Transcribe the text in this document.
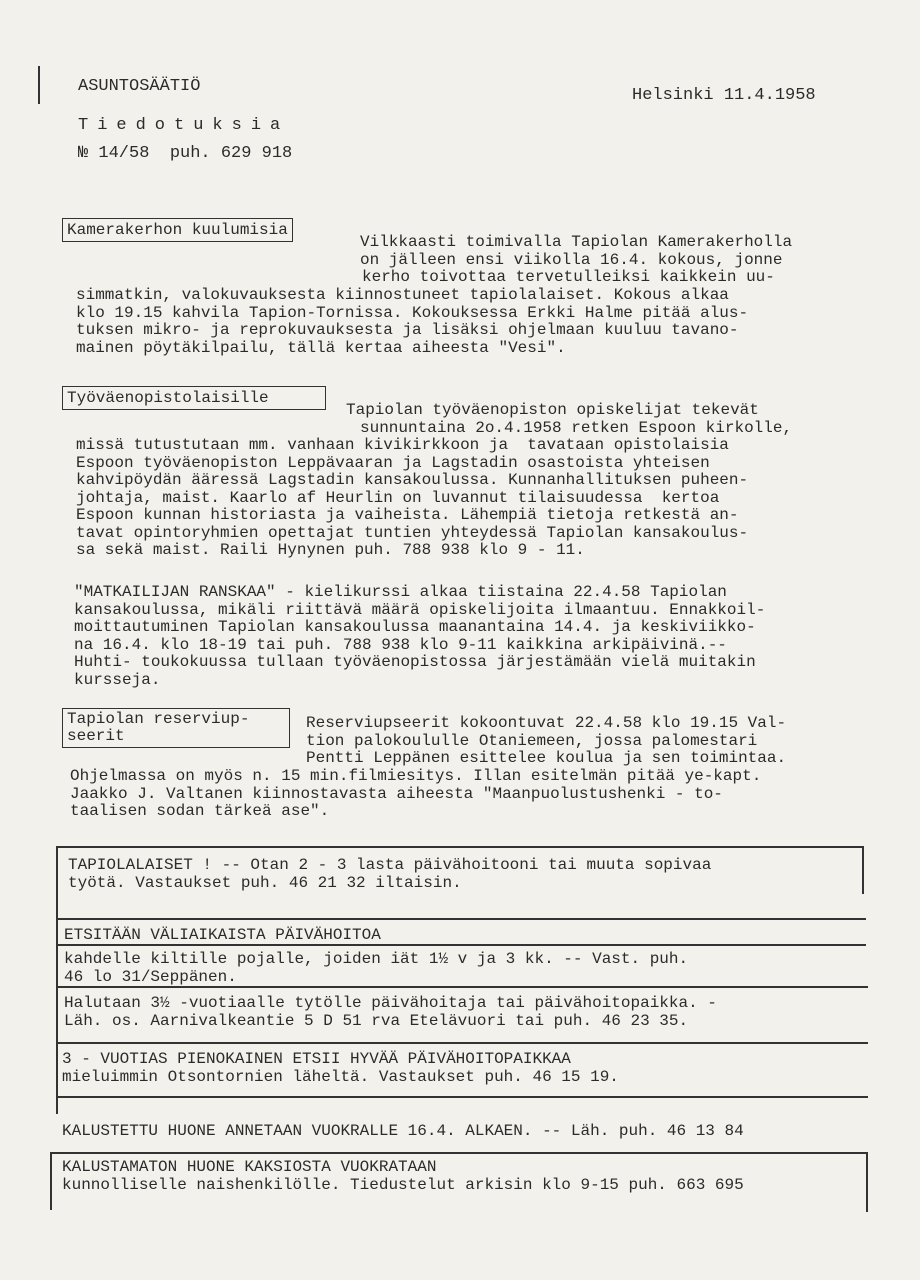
ASUNTOSÄÄTIÖ
Tiedotuksia
№ 14/58  puh. 629 918
Helsinki 11.4.1958
Kamerakerhon kuulumisia

Vilkkaasti toimivalla Tapiolan Kamerakerholla

on jälleen ensi viikolla 16.4. kokous, jonne

kerho toivottaa tervetulleiksi kaikkein uu-

simmatkin, valokuvauksesta kiinnostuneet tapiolalaiset. Kokous alkaa

klo 19.15 kahvila Tapion-Tornissa. Kokouksessa Erkki Halme pitää alus-

tuksen mikro- ja reprokuvauksesta ja lisäksi ohjelmaan kuuluu tavano-

mainen pöytäkilpailu, tällä kertaa aiheesta "Vesi".

Työväenopistolaisille

Tapiolan työväenopiston opiskelijat tekevät

sunnuntaina 2o.4.1958 retken Espoon kirkolle,

missä tutustutaan mm. vanhaan kivikirkkoon ja  tavataan opistolaisia

Espoon työväenopiston Leppävaaran ja Lagstadin osastoista yhteisen

kahvipöydän ääressä Lagstadin kansakoulussa. Kunnanhallituksen puheen-

johtaja, maist. Kaarlo af Heurlin on luvannut tilaisuudessa  kertoa

Espoon kunnan historiasta ja vaiheista. Lähempiä tietoja retkestä an-

tavat opintoryhmien opettajat tuntien yhteydessä Tapiolan kansakoulus-

sa sekä maist. Raili Hynynen puh. 788 938 klo 9 - 11.

"MATKAILIJAN RANSKAA" - kielikurssi alkaa tiistaina 22.4.58 Tapiolan

kansakoulussa, mikäli riittävä määrä opiskelijoita ilmaantuu. Ennakkoil-

moittautuminen Tapiolan kansakoulussa maanantaina 14.4. ja keskiviikko-

na 16.4. klo 18-19 tai puh. 788 938 klo 9-11 kaikkina arkipäivinä.--

Huhti- toukokuussa tullaan työväenopistossa järjestämään vielä muitakin

kursseja.

Tapiolan reserviup-
seerit

Reserviupseerit kokoontuvat 22.4.58 klo 19.15 Val-

tion palokoululle Otaniemeen, jossa palomestari

Pentti Leppänen esittelee koulua ja sen toimintaa.

Ohjelmassa on myös n. 15 min.filmiesitys. Illan esitelmän pitää ye-kapt.

Jaakko J. Valtanen kiinnostavasta aiheesta "Maanpuolustushenki - to-

taalisen sodan tärkeä ase".

TAPIOLALAISET ! -- Otan 2 - 3 lasta päivähoitooni tai muuta sopivaa

työtä. Vastaukset puh. 46 21 32 iltaisin.

ETSITÄÄN VÄLIAIKAISTA PÄIVÄHOITOA

kahdelle kiltille pojalle, joiden iät 1½ v ja 3 kk. -- Vast. puh.

46 lo 31/Seppänen.

Halutaan 3½ -vuotiaalle tytölle päivähoitaja tai päivähoitopaikka. -

Läh. os. Aarnivalkeantie 5 D 51 rva Etelävuori tai puh. 46 23 35.

3 - VUOTIAS PIENOKAINEN ETSII HYVÄÄ PÄIVÄHOITOPAIKKAA

mieluimmin Otsontornien läheltä. Vastaukset puh. 46 15 19.

KALUSTETTU HUONE ANNETAAN VUOKRALLE 16.4. ALKAEN. -- Läh. puh. 46 13 84

KALUSTAMATON HUONE KAKSIOSTA VUOKRATAAN

kunnolliselle naishenkilölle. Tiedustelut arkisin klo 9-15 puh. 663 695
